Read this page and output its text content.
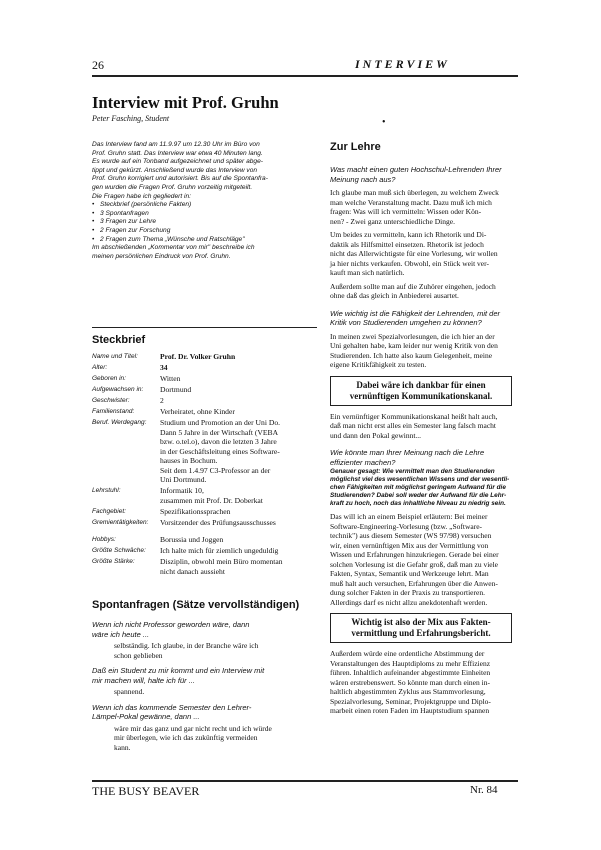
26	INTERVIEW
Interview mit Prof. Gruhn
Peter Fasching, Student	•

Das Interview fand am 11.9.97 um 12.30 Uhr im Büro von
Prof. Gruhn statt. Das Interview war etwa 40 Minuten lang.
Es wurde auf ein Tonband aufgezeichnet und später abge-
tippt und gekürzt. Anschließend wurde das Interview von
Prof. Gruhn korrigiert und autorisiert. Bis auf die Spontanfra-
gen wurden die Fragen Prof. Gruhn vorzeitig mitgeteilt.

Die Fragen habe ich gegliedert in:

• Steckbrief (persönliche Fakten)
• 3 Spontanfragen
• 3 Fragen zur Lehre
• 2 Fragen zur Forschung
• 2 Fragen zum Thema „Wünsche und Ratschläge"

Im abschießenden „Kommentar von mir" beschreibe ich
meinen persönlichen Eindruck von Prof. Gruhn.

Steckbrief
Name und Titel:	Prof. Dr. Volker Gruhn
Alter:	34
Geboren in:	Witten
Aufgewachsen in:	Dortmund
Geschwister:	2
Familienstand:	Verheiratet, ohne Kinder
Beruf. Werdegang:	Studium und Promotion an der Uni Do.
Dann 5 Jahre in der Wirtschaft (VEBA
bzw. o.tel.o), davon die letzten 3 Jahre
in der Geschäftsleitung eines Software-
hauses in Bochum.
Seit dem 1.4.97 C3-Professor an der
Uni Dortmund.
Lehrstuhl:	Informatik 10,
zusammen mit Prof. Dr. Doberkat
Fachgebiet:	Spezifikationssprachen
Gremientätigkeiten:	Vorsitzender des Prüfungsausschusses
Hobbys:	Borussia und Joggen
Größte Schwäche:	Ich halte mich für ziemlich ungeduldig
Größte Stärke:	Disziplin, obwohl mein Büro momentan
nicht danach aussieht
Spontanfragen (Sätze vervollständigen)
Wenn ich nicht Professor geworden wäre, dann
wäre ich heute ...
selbständig. Ich glaube, in der Branche wäre ich
schon geblieben
Daß ein Student zu mir kommt und ein Interview mit
mir machen will, halte ich für ...
spannend.
Wenn ich das kommende Semester den Lehrer-
Lämpel-Pokal gewänne, dann ...
wäre mir das ganz und gar nicht recht und ich würde
mir überlegen, wie ich das zukünftig vermeiden
kann.
Zur Lehre

Was macht einen guten Hochschul-Lehrenden Ihrer
Meinung nach aus?

Ich glaube man muß sich überlegen, zu welchem Zweck
man welche Veranstaltung macht. Dazu muß ich mich
fragen: Was will ich vermitteln: Wissen oder Kön-
nen? - Zwei ganz unterschiedliche Dinge.

Um beides zu vermitteln, kann ich Rhetorik und Di-
daktik als Hilfsmittel einsetzen. Rhetorik ist jedoch
nicht das Allerwichtigste für eine Vorlesung, wir wollen
ja hier nichts verkaufen. Obwohl, ein Stück weit ver-
kauft man sich natürlich.

Außerdem sollte man auf die Zuhörer eingehen, jedoch
ohne daß das gleich in Anbiederei ausartet.

Wie wichtig ist die Fähigkeit der Lehrenden, mit der
Kritik von Studierenden umgehen zu können?

In meinen zwei Spezialvorlesungen, die ich hier an der
Uni gehalten habe, kam leider nur wenig Kritik von den
Studierenden. Ich hatte also kaum Gelegenheit, meine
eigene Kritikfähigkeit zu testen.

Dabei wäre ich dankbar für einen
vernünftigen Kommunikationskanal.

Ein vernünftiger Kommunikationskanal heißt halt auch,
daß man nicht erst alles ein Semester lang falsch macht
und dann den Pokal gewinnt...

Wie könnte man Ihrer Meinung nach die Lehre
effizienter machen?

Genauer gesagt: Wie vermittelt man den Studierenden
möglichst viel des wesentlichen Wissens und der wesentli-
chen Fähigkeiten mit möglichst geringem Aufwand für die
Studierenden? Dabei soll weder der Aufwand für die Lehr-
kraft zu hoch, noch das inhaltliche Niveau zu niedrig sein.

Das will ich an einem Beispiel erläutern: Bei meiner
Software-Engineering-Vorlesung (bzw. „Software-
technik") aus diesem Semester (WS 97/98) versuchen
wir, einen vernünftigen Mix aus der Vermittlung von
Wissen und Erfahrungen hinzukriegen. Gerade bei einer
solchen Vorlesung ist die Gefahr groß, daß man zu viele
Fakten, Syntax, Semantik und Werkzeuge lehrt. Man
muß halt auch versuchen, Erfahrungen über die Anwen-
dung solcher Fakten in der Praxis zu transportieren.
Allerdings darf es nicht allzu anekdotenhaft werden.

Wichtig ist also der Mix aus Fakten-
vermittlung und Erfahrungsbericht.

Außerdem würde eine ordentliche Abstimmung der
Veranstaltungen des Hauptdiploms zu mehr Effizienz
führen. Inhaltlich aufeinander abgestimmte Einheiten
wären erstrebenswert. So könnte man durch einen in-
haltlich abgestimmten Zyklus aus Stammvorlesung,
Spezialvorlesung, Seminar, Projektgruppe und Diplo-
marbeit einen roten Faden im Hauptstudium spannen

THE BUSY BEAVER	Nr. 84
